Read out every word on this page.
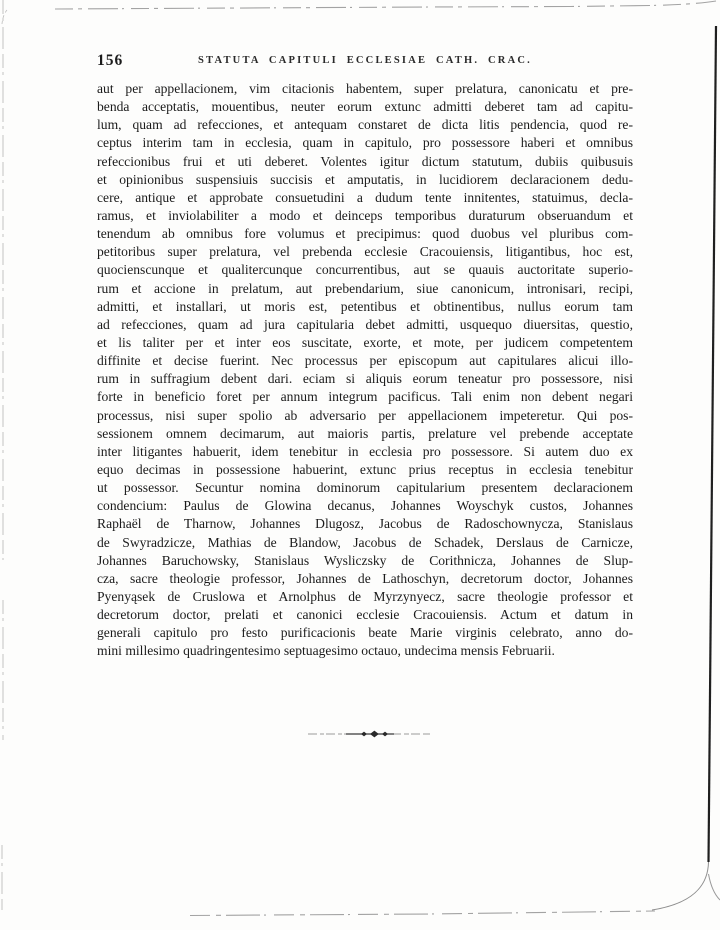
156	STATUTA CAPITULI ECCLESIAE CATH. CRAC.
aut per appellacionem, vim citacionis habentem, super prelatura, canonicatu et pre-
benda acceptatis, mouentibus, neuter eorum extunc admitti deberet tam ad capitu-
lum, quam ad refecciones, et antequam constaret de dicta litis pendencia, quod re-
ceptus interim tam in ecclesia, quam in capitulo, pro possessore haberi et omnibus
refeccionibus frui et uti deberet. Volentes igitur dictum statutum, dubiis quibusuis
et opinionibus suspensiuis succisis et amputatis, in lucidiorem declaracionem dedu-
cere, antique et approbate consuetudini a dudum tente innitentes, statuimus, decla-
ramus, et inviolabiliter a modo et deinceps temporibus duraturum obseruandum et
tenendum ab omnibus fore volumus et precipimus: quod duobus vel pluribus com-
petitoribus super prelatura, vel prebenda ecclesie Cracouiensis, litigantibus, hoc est,
quocienscunque et qualitercunque concurrentibus, aut se quauis auctoritate superio-
rum et accione in prelatum, aut prebendarium, siue canonicum, intronisari, recipi,
admitti, et installari, ut moris est, petentibus et obtinentibus, nullus eorum tam
ad refecciones, quam ad jura capitularia debet admitti, usquequo diuersitas, questio,
et lis taliter per et inter eos suscitate, exorte, et mote, per judicem competentem
diffinite et decise fuerint. Nec processus per episcopum aut capitulares alicui illo-
rum in suffragium debent dari. eciam si aliquis eorum teneatur pro possessore, nisi
forte in beneficio foret per annum integrum pacificus. Tali enim non debent negari
processus, nisi super spolio ab adversario per appellacionem impeteretur. Qui pos-
sessionem omnem decimarum, aut maioris partis, prelature vel prebende acceptate
inter litigantes habuerit, idem tenebitur in ecclesia pro possessore. Si autem duo ex
equo decimas in possessione habuerint, extunc prius receptus in ecclesia tenebitur
ut possessor. Secuntur nomina dominorum capitularium presentem declaracionem
condencium: Paulus de Glowina decanus, Johannes Woyschyk custos, Johannes
Raphaël de Tharnow, Johannes Dlugosz, Jacobus de Radoschownycza, Stanislaus
de Swyradzicze, Mathias de Blandow, Jacobus de Schadek, Derslaus de Carnicze,
Johannes Baruchowsky, Stanislaus Wysliczsky de Corithnicza, Johannes de Slup-
cza, sacre theologie professor, Johannes de Lathoschyn, decretorum doctor, Johannes
Pyenyąsek de Cruslowa et Arnolphus de Myrzynyecz, sacre theologie professor et
decretorum doctor, prelati et canonici ecclesie Cracouiensis. Actum et datum in
generali capitulo pro festo purificacionis beate Marie virginis celebrato, anno do-
mini millesimo quadringentesimo septuagesimo octauo, undecima mensis Februarii.
